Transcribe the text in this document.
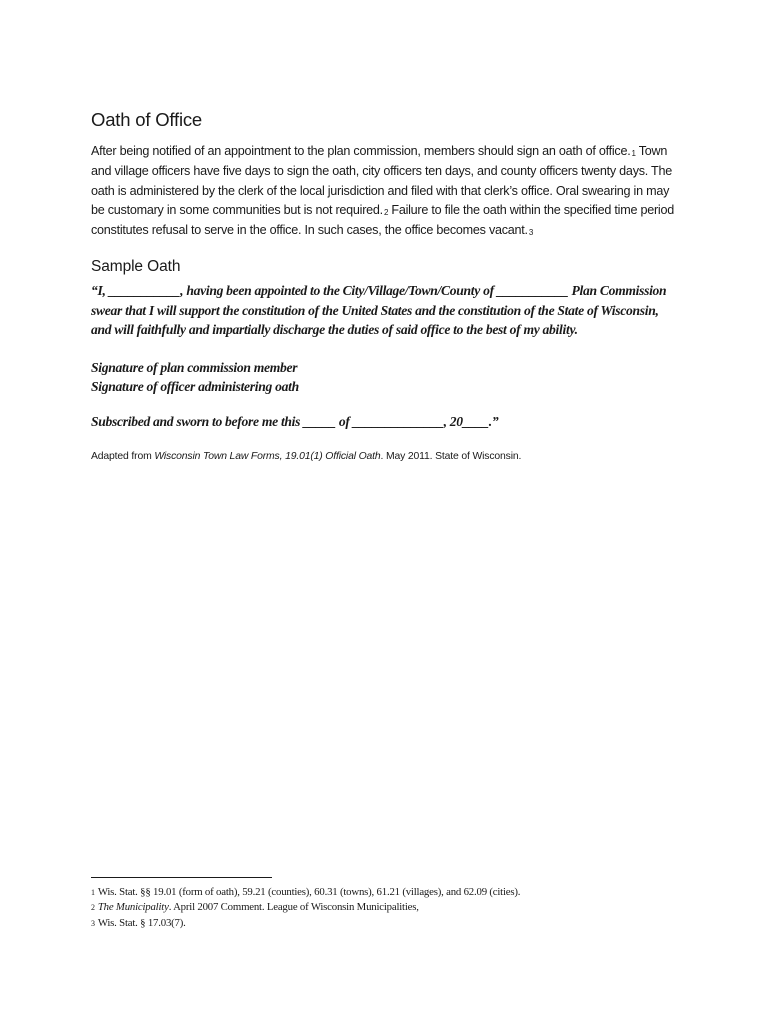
Oath of Office

After being notified of an appointment to the plan commission, members should sign an oath of office.$^1$ Town and village officers have five days to sign the oath, city officers ten days, and county officers twenty days. The oath is administered by the clerk of the local jurisdiction and filed with that clerk’s office. Oral swearing in may be customary in some communities but is not required.$^2$ Failure to file the oath within the specified time period constitutes refusal to serve in the office. In such cases, the office becomes vacant.$^3$

Sample Oath

“I, ___________, having been appointed to the City/Village/Town/County of ___________ Plan Commission swear that I will support the constitution of the United States and the constitution of the State of Wisconsin, and will faithfully and impartially discharge the duties of said office to the best of my ability.

Signature of plan commission member
Signature of officer administering oath
Subscribed and sworn to before me this _____ of ______________, 20____.”

Adapted from Wisconsin Town Law Forms, 19.01(1) Official Oath. May 2011. State of Wisconsin.

1 Wis. Stat. §§ 19.01 (form of oath), 59.21 (counties), 60.31 (towns), 61.21 (villages), and 62.09 (cities).
2 The Municipality. April 2007 Comment. League of Wisconsin Municipalities,
3 Wis. Stat. § 17.03(7).
